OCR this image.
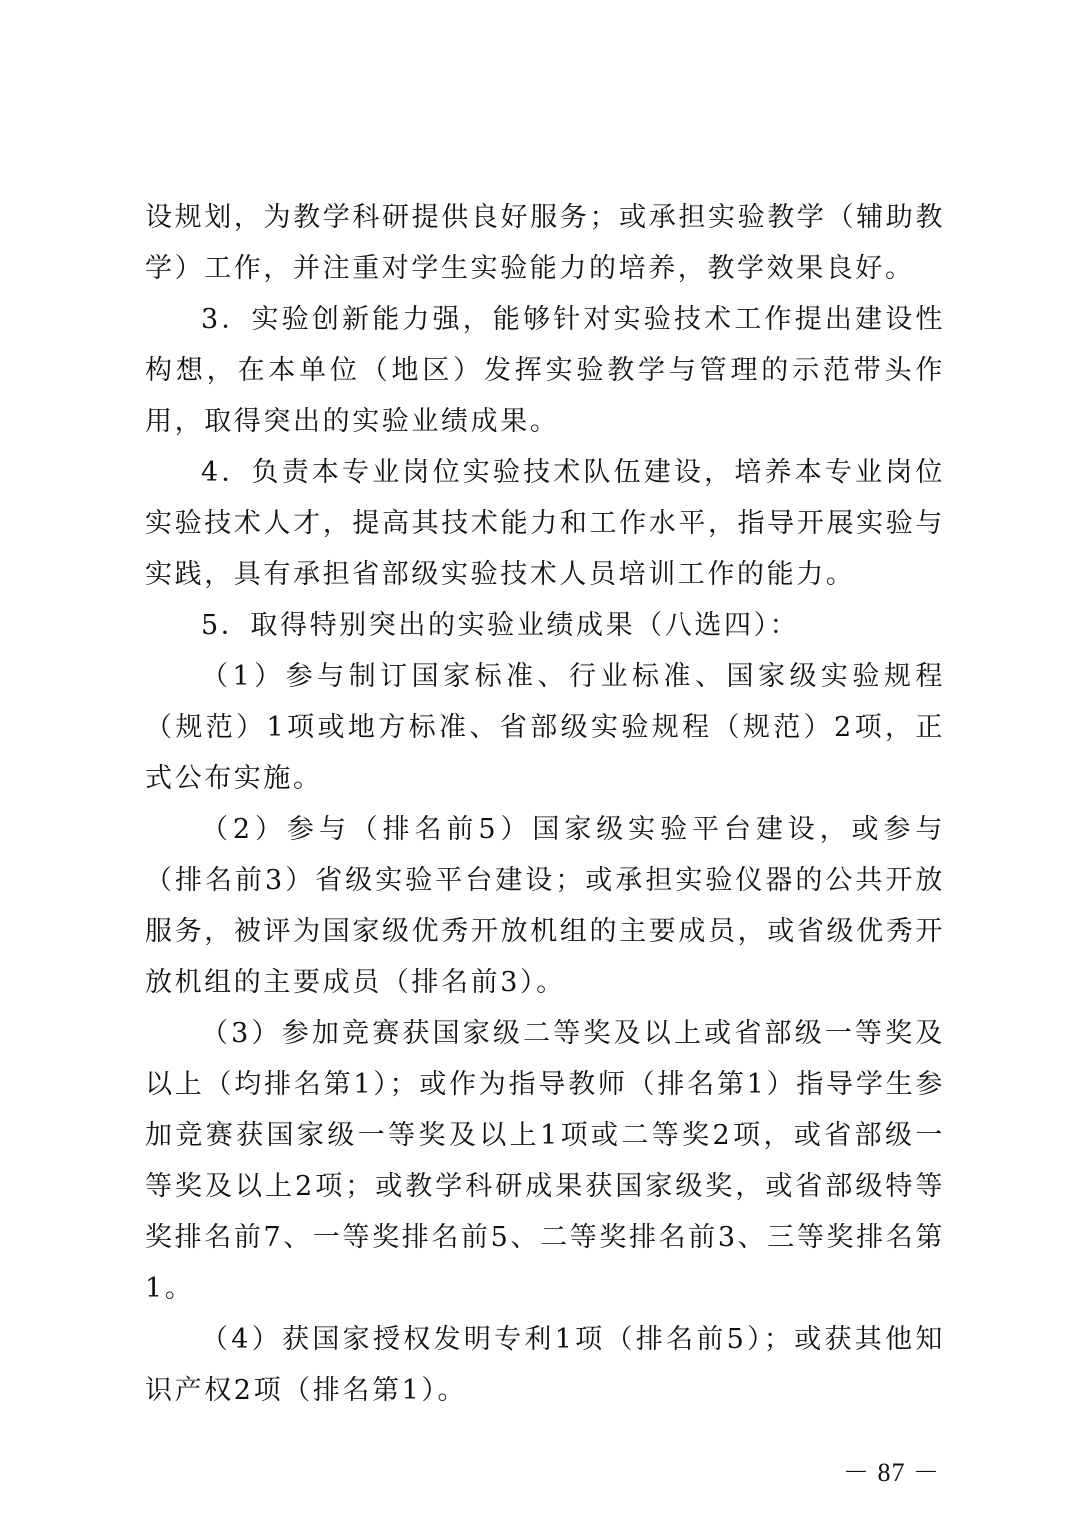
设规划，为教学科研提供良好服务；或承担实验教学（辅助教学）工作，并注重对学生实验能力的培养，教学效果良好。

3．实验创新能力强，能够针对实验技术工作提出建设性构想，在本单位（地区）发挥实验教学与管理的示范带头作用，取得突出的实验业绩成果。

4．负责本专业岗位实验技术队伍建设，培养本专业岗位实验技术人才，提高其技术能力和工作水平，指导开展实验与实践，具有承担省部级实验技术人员培训工作的能力。

5．取得特别突出的实验业绩成果（八选四）：

（1）参与制订国家标准、行业标准、国家级实验规程（规范）1项或地方标准、省部级实验规程（规范）2项，正式公布实施。

（2）参与（排名前5）国家级实验平台建设，或参与（排名前3）省级实验平台建设；或承担实验仪器的公共开放服务，被评为国家级优秀开放机组的主要成员，或省级优秀开放机组的主要成员（排名前3）。

（3）参加竞赛获国家级二等奖及以上或省部级一等奖及以上（均排名第1）；或作为指导教师（排名第1）指导学生参加竞赛获国家级一等奖及以上1项或二等奖2项，或省部级一等奖及以上2项；或教学科研成果获国家级奖，或省部级特等奖排名前7、一等奖排名前5、二等奖排名前3、三等奖排名第1。

（4）获国家授权发明专利1项（排名前5）；或获其他知识产权2项（排名第1）。

－ 87 －
